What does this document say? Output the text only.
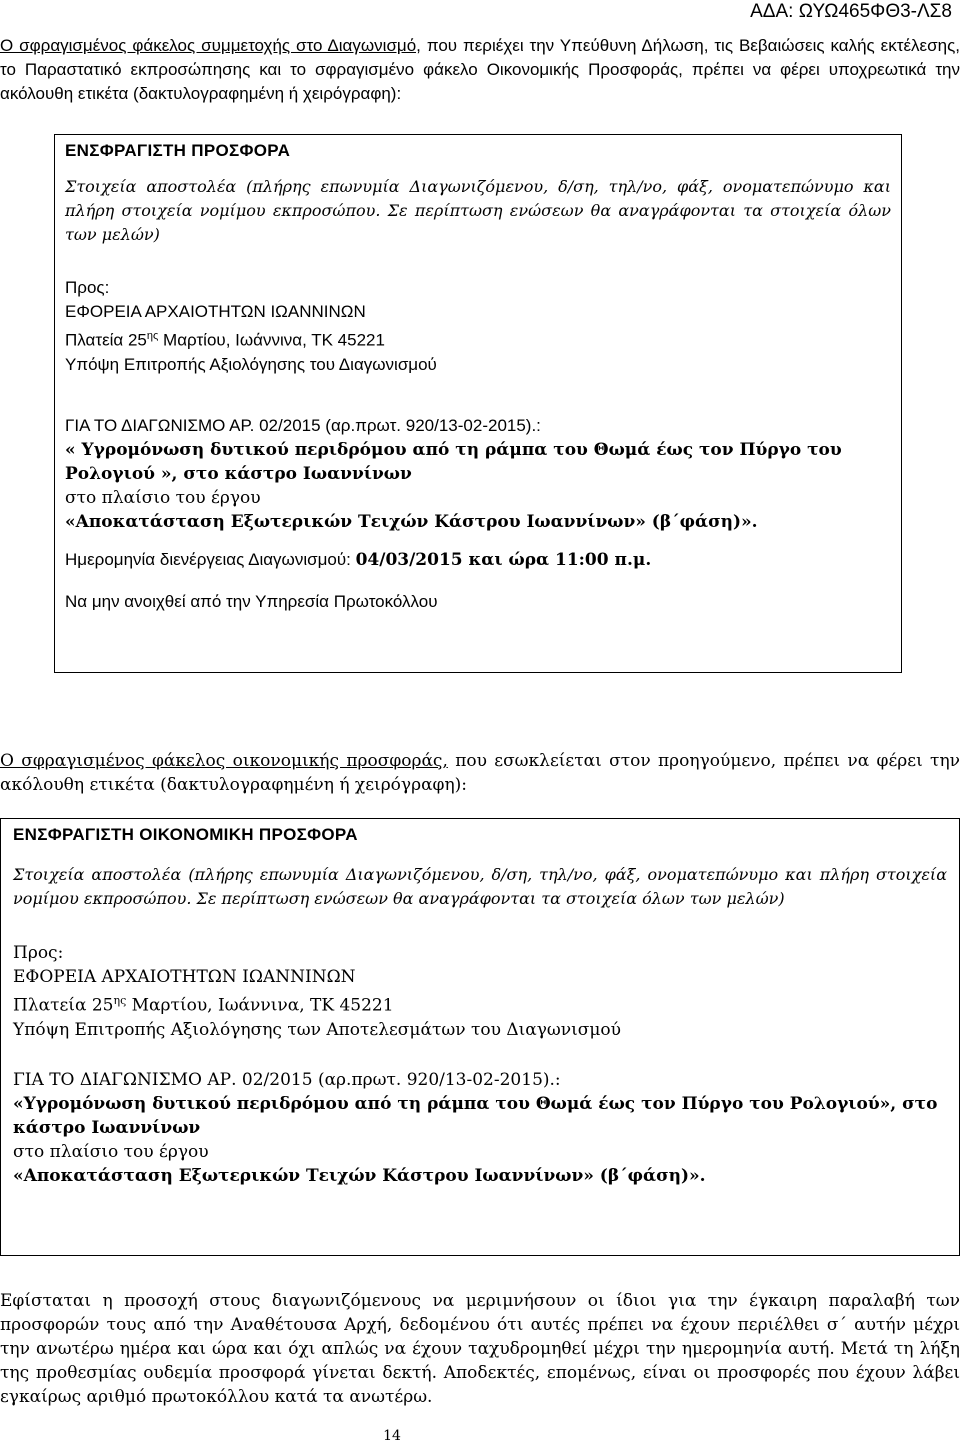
ΑΔΑ: ΩΥΩ465ΦΘ3-ΛΣ8
Ο σφραγισμένος φάκελος συμμετοχής στο Διαγωνισμό, που περιέχει την Υπεύθυνη Δήλωση, τις Βεβαιώσεις καλής εκτέλεσης, το Παραστατικό εκπροσώπησης και το σφραγισμένο φάκελο Οικονομικής Προσφοράς, πρέπει να φέρει υποχρεωτικά την ακόλουθη ετικέτα (δακτυλογραφημένη ή χειρόγραφη):

ΕΝΣΦΡΑΓΙΣΤΗ ΠΡΟΣΦΟΡΑ

Στοιχεία αποστολέα (πλήρης επωνυμία Διαγωνιζόμενου, δ/ση, τηλ/νο, φάξ, ονοματεπώνυμο και πλήρη στοιχεία νομίμου εκπροσώπου. Σε περίπτωση ενώσεων θα αναγράφονται τα στοιχεία όλων των μελών)

Προς:

ΕΦΟΡΕΙΑ ΑΡΧΑΙΟΤΗΤΩΝ ΙΩΑΝΝΙΝΩΝ

Πλατεία $25^{\eta\varsigma}$ Μαρτίου, Ιωάννινα, ΤΚ 45221

Υπόψη Επιτροπής Αξιολόγησης του Διαγωνισμού

ΓΙΑ ΤΟ ΔΙΑΓΩΝΙΣΜΟ ΑΡ. 02/2015 (αρ.πρωτ. 920/13-02-2015).:

« Υγρομόνωση δυτικού περιδρόμου από τη ράμπα του Θωμά έως τον Πύργο του Ρολογιού », στο κάστρο Ιωαννίνων

στο πλαίσιο του έργου

«Αποκατάσταση Εξωτερικών Τειχών Κάστρου Ιωαννίνων» (β΄φάση)».

Ημερομηνία διενέργειας Διαγωνισμού: 04/03/2015 και ώρα 11:00 π.μ.

Να μην ανοιχθεί από την Υπηρεσία Πρωτοκόλλου

Ο σφραγισμένος φάκελος οικονομικής προσφοράς, που εσωκλείεται στον προηγούμενο, πρέπει να φέρει την ακόλουθη ετικέτα (δακτυλογραφημένη ή χειρόγραφη):

ΕΝΣΦΡΑΓΙΣΤΗ ΟΙΚΟΝΟΜΙΚΗ ΠΡΟΣΦΟΡΑ

Στοιχεία αποστολέα (πλήρης επωνυμία Διαγωνιζόμενου, δ/ση, τηλ/νο, φάξ, ονοματεπώνυμο και πλήρη στοιχεία νομίμου εκπροσώπου. Σε περίπτωση ενώσεων θα αναγράφονται τα στοιχεία όλων των μελών)

Προς:

ΕΦΟΡΕΙΑ ΑΡΧΑΙΟΤΗΤΩΝ ΙΩΑΝΝΙΝΩΝ

Πλατεία $25^{\eta\varsigma}$ Μαρτίου, Ιωάννινα, ΤΚ 45221

Υπόψη Επιτροπής Αξιολόγησης των Αποτελεσμάτων του Διαγωνισμού

ΓΙΑ ΤΟ ΔΙΑΓΩΝΙΣΜΟ ΑΡ. 02/2015 (αρ.πρωτ. 920/13-02-2015).:

«Υγρομόνωση δυτικού περιδρόμου από τη ράμπα του Θωμά έως τον Πύργο του Ρολογιού», στο κάστρο Ιωαννίνων

στο πλαίσιο του έργου

«Αποκατάσταση Εξωτερικών Τειχών Κάστρου Ιωαννίνων» (β΄φάση)».

Εφίσταται η προσοχή στους διαγωνιζόμενους να μεριμνήσουν οι ίδιοι για την έγκαιρη παραλαβή των προσφορών τους από την Αναθέτουσα Αρχή, δεδομένου ότι αυτές πρέπει να έχουν περιέλθει σ΄ αυτήν μέχρι την ανωτέρω ημέρα και ώρα και όχι απλώς να έχουν ταχυδρομηθεί μέχρι την ημερομηνία αυτή. Μετά τη λήξη της προθεσμίας ουδεμία προσφορά γίνεται δεκτή. Αποδεκτές, επομένως, είναι οι προσφορές που έχουν λάβει εγκαίρως αριθμό πρωτοκόλλου κατά τα ανωτέρω.
14
